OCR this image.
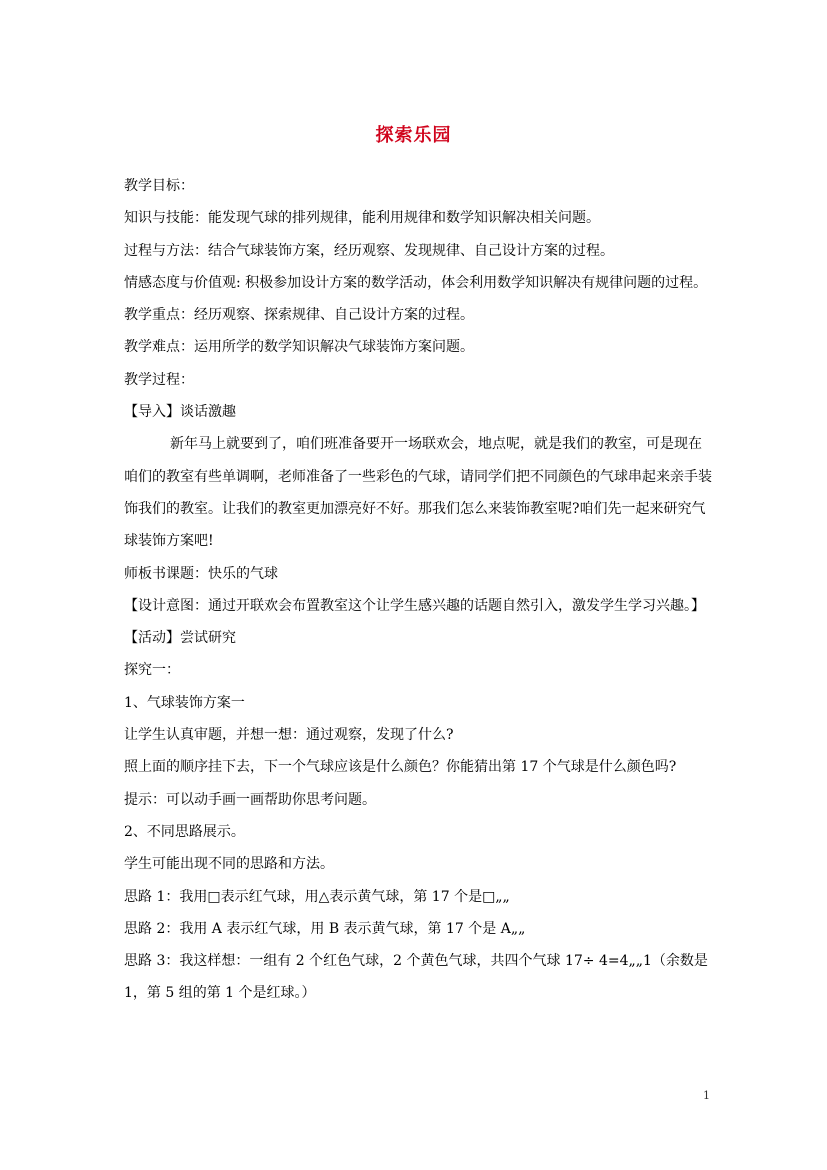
探索乐园

教学目标：

知识与技能：能发现气球的排列规律，能利用规律和数学知识解决相关问题。

过程与方法：结合气球装饰方案，经历观察、发现规律、自己设计方案的过程。

情感态度与价值观: 积极参加设计方案的数学活动，体会利用数学知识解决有规律问题的过程。

教学重点：经历观察、探索规律、自己设计方案的过程。

教学难点：运用所学的数学知识解决气球装饰方案问题。

教学过程：

【导入】谈话激趣

新年马上就要到了，咱们班准备要开一场联欢会，地点呢，就是我们的教室，可是现在咱们的教室有些单调啊，老师准备了一些彩色的气球，请同学们把不同颜色的气球串起来亲手装饰我们的教室。让我们的教室更加漂亮好不好。那我们怎么来装饰教室呢?咱们先一起来研究气球装饰方案吧!

师板书课题：快乐的气球

【设计意图：通过开联欢会布置教室这个让学生感兴趣的话题自然引入，激发学生学习兴趣。】

【活动】尝试研究

探究一：

1、气球装饰方案一

让学生认真审题，并想一想：通过观察，发现了什么?

照上面的顺序挂下去，下一个气球应该是什么颜色？你能猜出第 17 个气球是什么颜色吗?

提示：可以动手画一画帮助你思考问题。

2、不同思路展示。

学生可能出现不同的思路和方法。

思路 1：我用□表示红气球，用△表示黄气球，第 17 个是□„„

思路 2：我用 A 表示红气球，用 B 表示黄气球，第 17 个是 A„„

思路 3：我这样想：一组有 2 个红色气球，2 个黄色气球，共四个气球 17÷ 4=4„„1（余数是 1，第 5 组的第 1 个是红球。）

1
